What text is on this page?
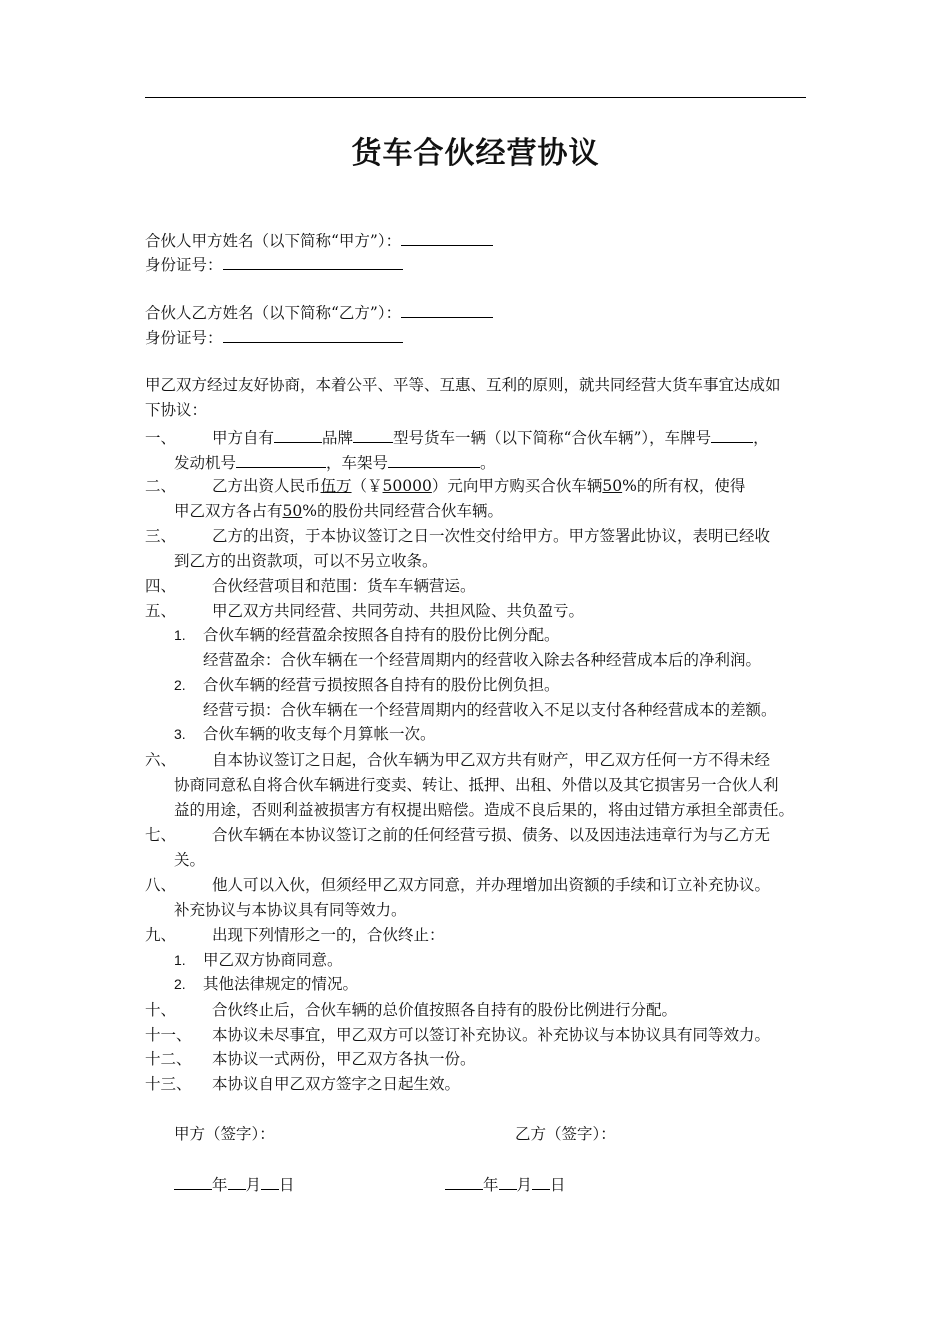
货车合伙经营协议
合伙人甲方姓名（以下简称“甲方”）：
身份证号：
合伙人乙方姓名（以下简称“乙方”）：
身份证号：
甲乙双方经过友好协商，本着公平、平等、互惠、互利的原则，就共同经营大货车事宜达成如
下协议：
一、 甲方自有	品牌	型号货车一辆（以下简称“合伙车辆”），车牌号	，
发动机号	，车架号	。
二、 乙方出资人民币伍万（￥50000）元向甲方购买合伙车辆50%的所有权，使得
甲乙双方各占有50%的股份共同经营合伙车辆。
三、 乙方的出资，于本协议签订之日一次性交付给甲方。甲方签署此协议，表明已经收
到乙方的出资款项，可以不另立收条。
四、 合伙经营项目和范围：货车车辆营运。
五、 甲乙双方共同经营、共同劳动、共担风险、共负盈亏。
1. 合伙车辆的经营盈余按照各自持有的股份比例分配。
经营盈余：合伙车辆在一个经营周期内的经营收入除去各种经营成本后的净利润。
2. 合伙车辆的经营亏损按照各自持有的股份比例负担。
经营亏损：合伙车辆在一个经营周期内的经营收入不足以支付各种经营成本的差额。
3. 合伙车辆的收支每个月算帐一次。
六、 自本协议签订之日起，合伙车辆为甲乙双方共有财产，甲乙双方任何一方不得未经
协商同意私自将合伙车辆进行变卖、转让、抵押、出租、外借以及其它损害另一合伙人利
益的用途，否则利益被损害方有权提出赔偿。造成不良后果的，将由过错方承担全部责任。
七、 合伙车辆在本协议签订之前的任何经营亏损、债务、以及因违法违章行为与乙方无
关。
八、 他人可以入伙，但须经甲乙双方同意，并办理增加出资额的手续和订立补充协议。
补充协议与本协议具有同等效力。
九、 出现下列情形之一的，合伙终止：
1. 甲乙双方协商同意。
2. 其他法律规定的情况。
十、 合伙终止后，合伙车辆的总价值按照各自持有的股份比例进行分配。
十一、 本协议未尽事宜，甲乙双方可以签订补充协议。补充协议与本协议具有同等效力。
十二、 本协议一式两份，甲乙双方各执一份。
十三、 本协议自甲乙双方签字之日起生效。
甲方（签字）：	乙方（签字）：
年 月 日	年 月 日
